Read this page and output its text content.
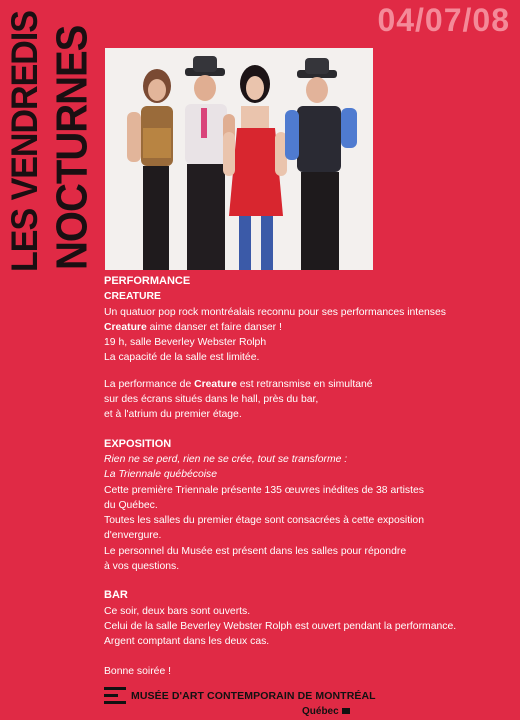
LES VENDREDIS NOCTURNES
04/07/08
PERFORMANCE
CREATURE
Un quatuor pop rock montréalais reconnu pour ses performances intenses
Creature aime danser et faire danser !
19 h, salle Beverley Webster Rolph
La capacité de la salle est limitée.
La performance de Creature est retransmise en simultané
sur des écrans situés dans le hall, près du bar,
et à l'atrium du premier étage.
EXPOSITION
Rien ne se perd, rien ne se crée, tout se transforme :
La Triennale québécoise
Cette première Triennale présente 135 œuvres inédites de 38 artistes
du Québec.
Toutes les salles du premier étage sont consacrées à cette exposition
d'envergure.
Le personnel du Musée est présent dans les salles pour répondre
à vos questions.
BAR
Ce soir, deux bars sont ouverts.
Celui de la salle Beverley Webster Rolph est ouvert pendant la performance.
Argent comptant dans les deux cas.
Bonne soirée !
MUSÉE D'ART CONTEMPORAIN DE MONTRÉAL
Québec
